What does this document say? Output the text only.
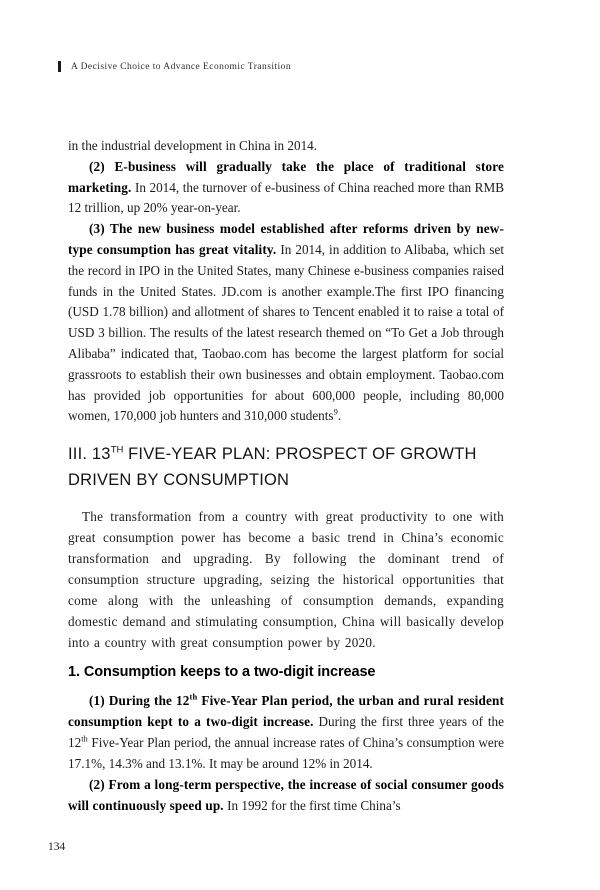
A Decisive Choice to Advance Economic Transition

in the industrial development in China in 2014.

(2) E-business will gradually take the place of traditional store marketing. In 2014, the turnover of e-business of China reached more than RMB 12 trillion, up 20% year-on-year.

(3) The new business model established after reforms driven by new-type consumption has great vitality. In 2014, in addition to Alibaba, which set the record in IPO in the United States, many Chinese e-business companies raised funds in the United States. JD.com is another example.The first IPO financing (USD 1.78 billion) and allotment of shares to Tencent enabled it to raise a total of USD 3 billion. The results of the latest research themed on “To Get a Job through Alibaba” indicated that, Taobao.com has become the largest platform for social grassroots to establish their own businesses and obtain employment. Taobao.com has provided job opportunities for about 600,000 people, including 80,000 women, 170,000 job hunters and 310,000 students$^9$.

III. 13TH FIVE-YEAR PLAN: PROSPECT OF GROWTH
DRIVEN BY CONSUMPTION

The transformation from a country with great productivity to one with great consumption power has become a basic trend in China’s economic transformation and upgrading. By following the dominant trend of consumption structure upgrading, seizing the historical opportunities that come along with the unleashing of consumption demands, expanding domestic demand and stimulating consumption, China will basically develop into a country with great consumption power by 2020.

1. Consumption keeps to a two-digit increase

(1) During the 12th Five-Year Plan period, the urban and rural resident consumption kept to a two-digit increase. During the first three years of the 12th Five-Year Plan period, the annual increase rates of China’s consumption were 17.1%, 14.3% and 13.1%. It may be around 12% in 2014.

(2) From a long-term perspective, the increase of social consumer goods will continuously speed up. In 1992 for the first time China’s

134
